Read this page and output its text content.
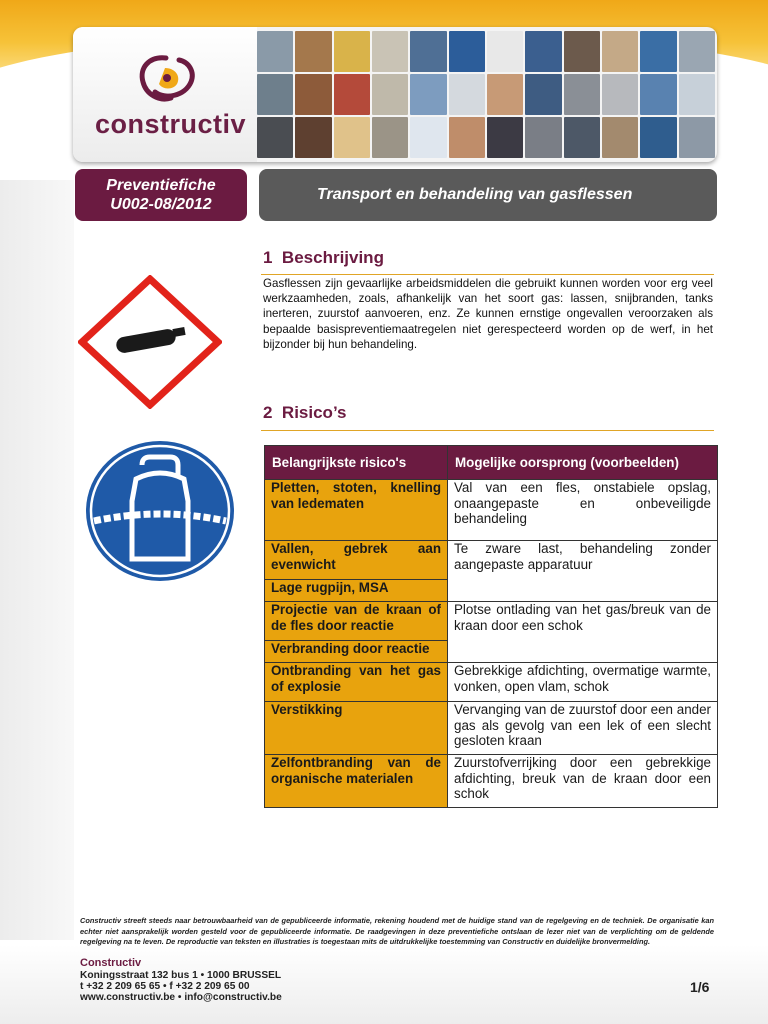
constructiv
Preventiefiche
U002-08/2012
Transport en behandeling van gasflessen
1 Beschrijving
Gasflessen zijn gevaarlijke arbeidsmiddelen die gebruikt kunnen worden voor erg veel werkzaamheden, zoals, afhankelijk van het soort gas: lassen, snijbranden, tanks inerteren, zuurstof aanvoeren, enz. Ze kunnen ernstige ongevallen veroorzaken als bepaalde basispreventiemaatregelen niet gerespecteerd worden op de werf, in het bijzonder bij hun behandeling.
2 Risico’s
Belangrijkste risico's	Mogelijke oorsprong (voorbeelden)
Pletten, stoten, knelling van ledematen	Val van een fles, onstabiele opslag, onaangepaste en onbeveiligde behandeling
Vallen, gebrek aan evenwicht	Te zware last, behandeling zonder aangepaste apparatuur
Lage rugpijn, MSA	
Projectie van de kraan of de fles door reactie	Plotse ontlading van het gas/breuk van de kraan door een schok
Verbranding door reactie	
Ontbranding van het gas of explosie	Gebrekkige afdichting, overmatige warmte, vonken, open vlam, schok
Verstikking	Vervanging van de zuurstof door een ander gas als gevolg van een lek of een slecht gesloten kraan
Zelfontbranding van de organische materialen	Zuurstofverrijking door een gebrekkige afdichting, breuk van de kraan door een schok
Constructiv streeft steeds naar betrouwbaarheid van de gepubliceerde informatie, rekening houdend met de huidige stand van de regelgeving en de techniek. De organisatie kan echter niet aansprakelijk worden gesteld voor de gepubliceerde informatie. De raadgevingen in deze preventiefiche ontslaan de lezer niet van de verplichting om de geldende regelgeving na te leven. De reproductie van teksten en illustraties is toegestaan mits de uitdrukkelijke toestemming van Constructiv en duidelijke bronvermelding.
Constructiv
Koningsstraat 132 bus 1 • 1000 BRUSSEL
t +32 2 209 65 65 • f +32 2 209 65 00
www.constructiv.be • info@constructiv.be
1/6
